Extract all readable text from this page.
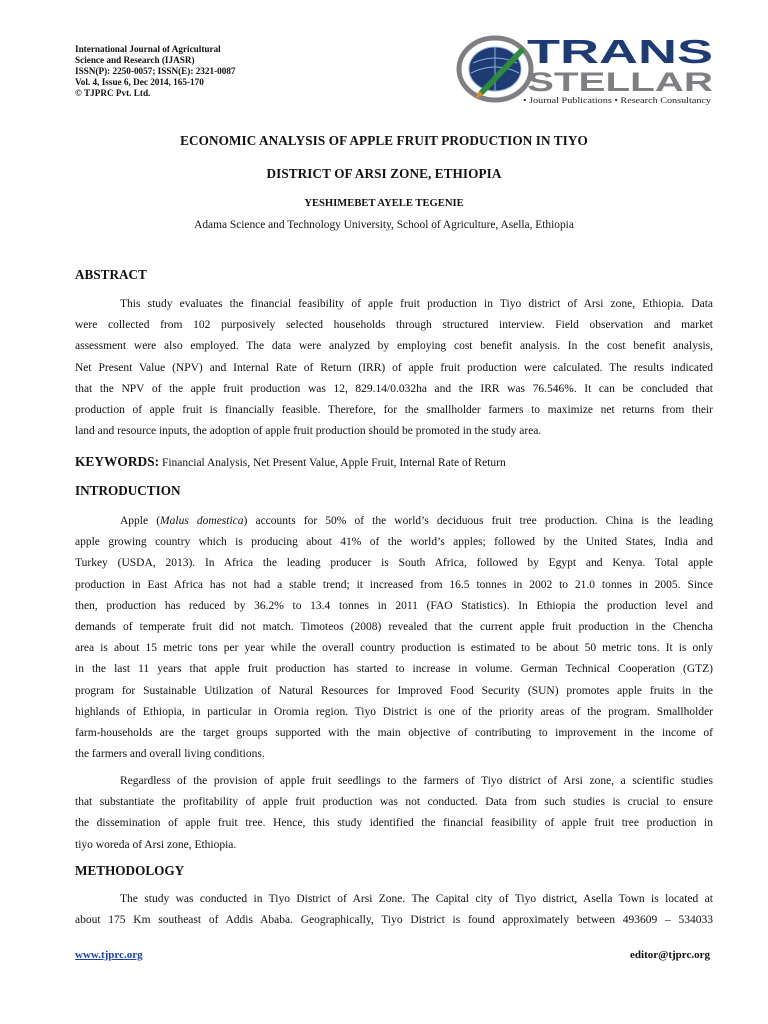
International Journal of Agricultural
Science and Research (IJASR)
ISSN(P): 2250-0057; ISSN(E): 2321-0087
Vol. 4, Issue 6, Dec 2014, 165-170
© TJPRC Pvt. Ltd.
TRANS
STELLAR
• Journal Publications • Research Consultancy
ECONOMIC ANALYSIS OF APPLE FRUIT PRODUCTION IN TIYO
DISTRICT OF ARSI ZONE, ETHIOPIA
YESHIMEBET AYELE TEGENIE
Adama Science and Technology University, School of Agriculture, Asella, Ethiopia
ABSTRACT
This study evaluates the financial feasibility of apple fruit production in Tiyo district of Arsi zone, Ethiopia. Data
were collected from 102 purposively selected households through structured interview. Field observation and market
assessment were also employed. The data were analyzed by employing cost benefit analysis. In the cost benefit analysis,
Net Present Value (NPV) and Internal Rate of Return (IRR) of apple fruit production were calculated. The results indicated
that the NPV of the apple fruit production was 12, 829.14/0.032ha and the IRR was 76.546%. It can be concluded that
production of apple fruit is financially feasible. Therefore, for the smallholder farmers to maximize net returns from their
land and resource inputs, the adoption of apple fruit production should be promoted in the study area.
KEYWORDS: Financial Analysis, Net Present Value, Apple Fruit, Internal Rate of Return
INTRODUCTION
Apple (Malus domestica) accounts for 50% of the world’s deciduous fruit tree production. China is the leading
apple growing country which is producing about 41% of the world’s apples; followed by the United States, India and
Turkey (USDA, 2013). In Africa the leading producer is South Africa, followed by Egypt and Kenya. Total apple
production in East Africa has not had a stable trend; it increased from 16.5 tonnes in 2002 to 21.0 tonnes in 2005. Since
then, production has reduced by 36.2% to 13.4 tonnes in 2011 (FAO Statistics). In Ethiopia the production level and
demands of temperate fruit did not match. Timoteos (2008) revealed that the current apple fruit production in the Chencha
area is about 15 metric tons per year while the overall country production is estimated to be about 50 metric tons. It is only
in the last 11 years that apple fruit production has started to increase in volume. German Technical Cooperation (GTZ)
program for Sustainable Utilization of Natural Resources for Improved Food Security (SUN) promotes apple fruits in the
highlands of Ethiopia, in particular in Oromia region. Tiyo District is one of the priority areas of the program. Smallholder
farm-households are the target groups supported with the main objective of contributing to improvement in the income of
the farmers and overall living conditions.
Regardless of the provision of apple fruit seedlings to the farmers of Tiyo district of Arsi zone, a scientific studies
that substantiate the profitability of apple fruit production was not conducted. Data from such studies is crucial to ensure
the dissemination of apple fruit tree. Hence, this study identified the financial feasibility of apple fruit tree production in
tiyo woreda of Arsi zone, Ethiopia.
METHODOLOGY
The study was conducted in Tiyo District of Arsi Zone. The Capital city of Tiyo district, Asella Town is located at
about 175 Km southeast of Addis Ababa. Geographically, Tiyo District is found approximately between 493609 – 534033
www.tjprc.org	editor@tjprc.org
